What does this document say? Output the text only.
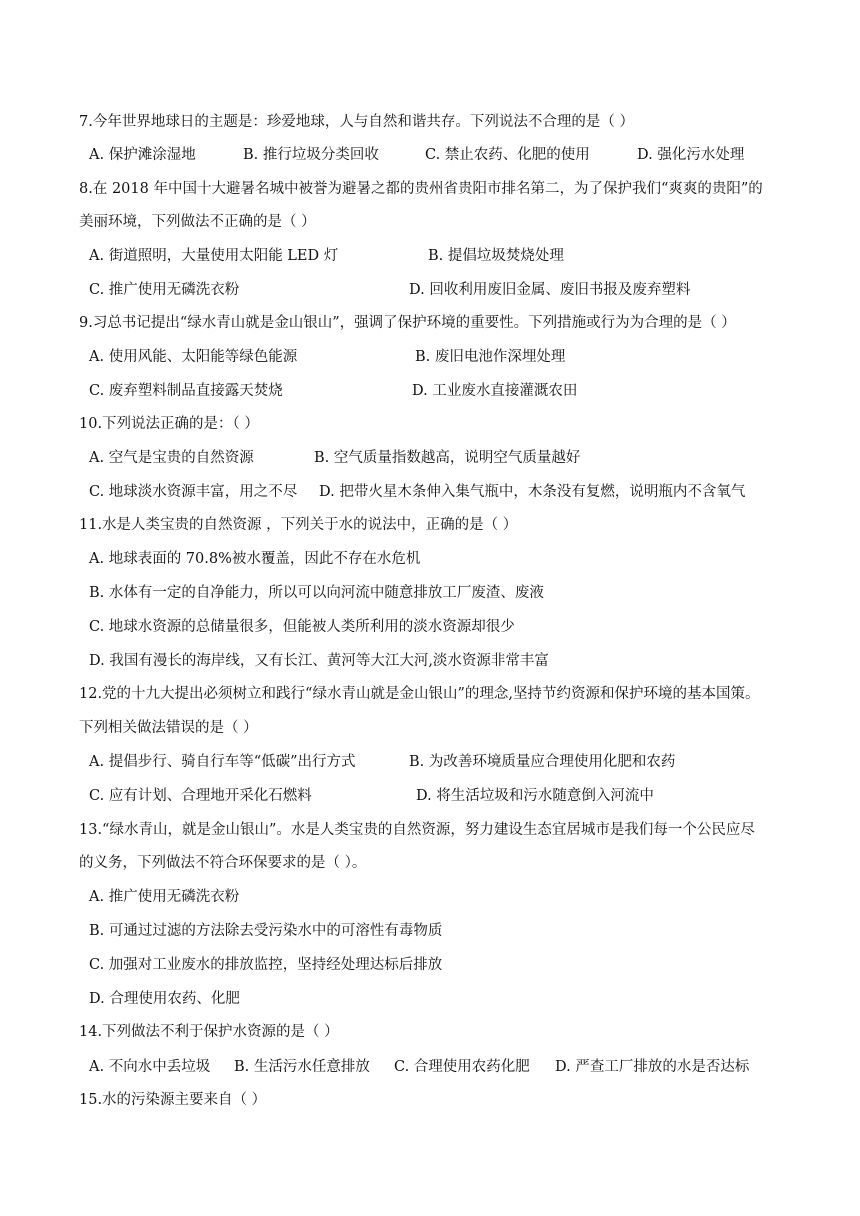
7.今年世界地球日的主题是：珍爱地球，人与自然和谐共存。下列说法不合理的是（ ）
A. 保护滩涂湿地	B. 推行垃圾分类回收	C. 禁止农药、化肥的使用	D. 强化污水处理
8.在 2018 年中国十大避暑名城中被誉为避暑之都的贵州省贵阳市排名第二，为了保护我们“爽爽的贵阳”的
美丽环境，下列做法不正确的是（ ）
A. 街道照明，大量使用太阳能 LED 灯	B. 提倡垃圾焚烧处理
C. 推广使用无磷洗衣粉	D. 回收利用废旧金属、废旧书报及废弃塑料
9.习总书记提出“绿水青山就是金山银山”，强调了保护环境的重要性。下列措施或行为为合理的是（ ）
A. 使用风能、太阳能等绿色能源	B. 废旧电池作深埋处理
C. 废弃塑料制品直接露天焚烧	D. 工业废水直接灌溉农田
10.下列说法正确的是：（ ）
A. 空气是宝贵的自然资源	B. 空气质量指数越高，说明空气质量越好
C. 地球淡水资源丰富，用之不尽 D. 把带火星木条伸入集气瓶中，木条没有复燃，说明瓶内不含氧气
11.水是人类宝贵的自然资源 ，下列关于水的说法中，正确的是（ ）
A. 地球表面的 70.8%被水覆盖，因此不存在水危机
B. 水体有一定的自净能力，所以可以向河流中随意排放工厂废渣、废液
C. 地球水资源的总储量很多，但能被人类所利用的淡水资源却很少
D. 我国有漫长的海岸线，又有长江、黄河等大江大河,淡水资源非常丰富
12.党的十九大提出必须树立和践行“绿水青山就是金山银山”的理念,坚持节约资源和保护环境的基本国策。
下列相关做法错误的是（ ）
A. 提倡步行、骑自行车等“低碳”出行方式	B. 为改善环境质量应合理使用化肥和农药
C. 应有计划、合理地开采化石燃料	D. 将生活垃圾和污水随意倒入河流中
13.“绿水青山，就是金山银山”。水是人类宝贵的自然资源，努力建设生态宜居城市是我们每一个公民应尽
的义务，下列做法不符合环保要求的是（ ）。
A. 推广使用无磷洗衣粉
B. 可通过过滤的方法除去受污染水中的可溶性有毒物质
C. 加强对工业废水的排放监控，坚持经处理达标后排放
D. 合理使用农药、化肥
14.下列做法不利于保护水资源的是（ ）
A. 不向水中丢垃圾 B. 生活污水任意排放 C. 合理使用农药化肥 D. 严查工厂排放的水是否达标
15.水的污染源主要来自（ ）
